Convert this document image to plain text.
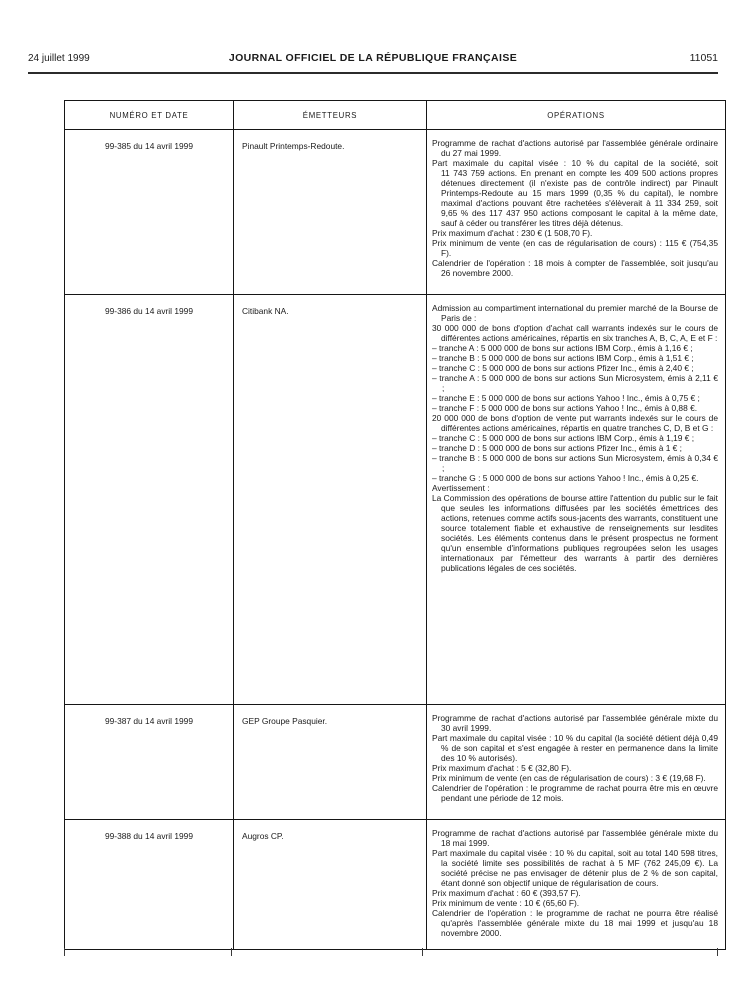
24 juillet 1999	JOURNAL OFFICIEL DE LA RÉPUBLIQUE FRANÇAISE	11051
NUMÉRO ET DATE	ÉMETTEURS	OPÉRATIONS
99-385 du 14 avril 1999	Pinault Printemps-Redoute.	Programme de rachat d'actions autorisé par l'assemblée générale ordinaire du 27 mai 1999.

Part maximale du capital visée : 10 % du capital de la société, soit 11 743 759 actions. En prenant en compte les 409 500 actions propres détenues directement (il n'existe pas de contrôle indirect) par Pinault Printemps-Redoute au 15 mars 1999 (0,35 % du capital), le nombre maximal d'actions pouvant être rachetées s'élèverait à 11 334 259, soit 9,65 % des 117 437 950 actions composant le capital à la même date, sauf à céder ou transférer les titres déjà détenus.

Prix maximum d'achat : 230 € (1 508,70 F).

Prix minimum de vente (en cas de régularisation de cours) : 115 € (754,35 F).

Calendrier de l'opération : 18 mois à compter de l'assemblée, soit jusqu'au 26 novembre 2000.

99-386 du 14 avril 1999	Citibank NA.	Admission au compartiment international du premier marché de la Bourse de Paris de :

30 000 000 de bons d'option d'achat call warrants indexés sur le cours de différentes actions américaines, répartis en six tranches A, B, C, A, E et F :

– tranche A : 5 000 000 de bons sur actions IBM Corp., émis à 1,16 € ;

– tranche B : 5 000 000 de bons sur actions IBM Corp., émis à 1,51 € ;

– tranche C : 5 000 000 de bons sur actions Pfizer Inc., émis à 2,40 € ;

– tranche A : 5 000 000 de bons sur actions Sun Microsystem, émis à 2,11 € ;

– tranche E : 5 000 000 de bons sur actions Yahoo ! Inc., émis à 0,75 € ;

– tranche F : 5 000 000 de bons sur actions Yahoo ! Inc., émis à 0,88 €.

20 000 000 de bons d'option de vente put warrants indexés sur le cours de différentes actions américaines, répartis en quatre tranches C, D, B et G :

– tranche C : 5 000 000 de bons sur actions IBM Corp., émis à 1,19 € ;

– tranche D : 5 000 000 de bons sur actions Pfizer Inc., émis à 1 € ;

– tranche B : 5 000 000 de bons sur actions Sun Microsystem, émis à 0,34 € ;

– tranche G : 5 000 000 de bons sur actions Yahoo ! Inc., émis à 0,25 €.

Avertissement :

La Commission des opérations de bourse attire l'attention du public sur le fait que seules les informations diffusées par les sociétés émettrices des actions, retenues comme actifs sous-jacents des warrants, constituent une source totalement fiable et exhaustive de renseignements sur lesdites sociétés. Les éléments contenus dans le présent prospectus ne forment qu'un ensemble d'informations publiques regroupées selon les usages internationaux par l'émetteur des warrants à partir des dernières publications légales de ces sociétés.

99-387 du 14 avril 1999	GEP Groupe Pasquier.	Programme de rachat d'actions autorisé par l'assemblée générale mixte du 30 avril 1999.

Part maximale du capital visée : 10 % du capital (la société détient déjà 0,49 % de son capital et s'est engagée à rester en permanence dans la limite des 10 % autorisés).

Prix maximum d'achat : 5 € (32,80 F).

Prix minimum de vente (en cas de régularisation de cours) : 3 € (19,68 F).

Calendrier de l'opération : le programme de rachat pourra être mis en œuvre pendant une période de 12 mois.

99-388 du 14 avril 1999	Augros CP.	Programme de rachat d'actions autorisé par l'assemblée générale mixte du 18 mai 1999.

Part maximale du capital visée : 10 % du capital, soit au total 140 598 titres, la société limite ses possibilités de rachat à 5 MF (762 245,09 €). La société précise ne pas envisager de détenir plus de 2 % de son capital, étant donné son objectif unique de régularisation de cours.

Prix maximum d'achat : 60 € (393,57 F).

Prix minimum de vente : 10 € (65,60 F).

Calendrier de l'opération : le programme de rachat ne pourra être réalisé qu'après l'assemblée générale mixte du 18 mai 1999 et jusqu'au 18 novembre 2000.
